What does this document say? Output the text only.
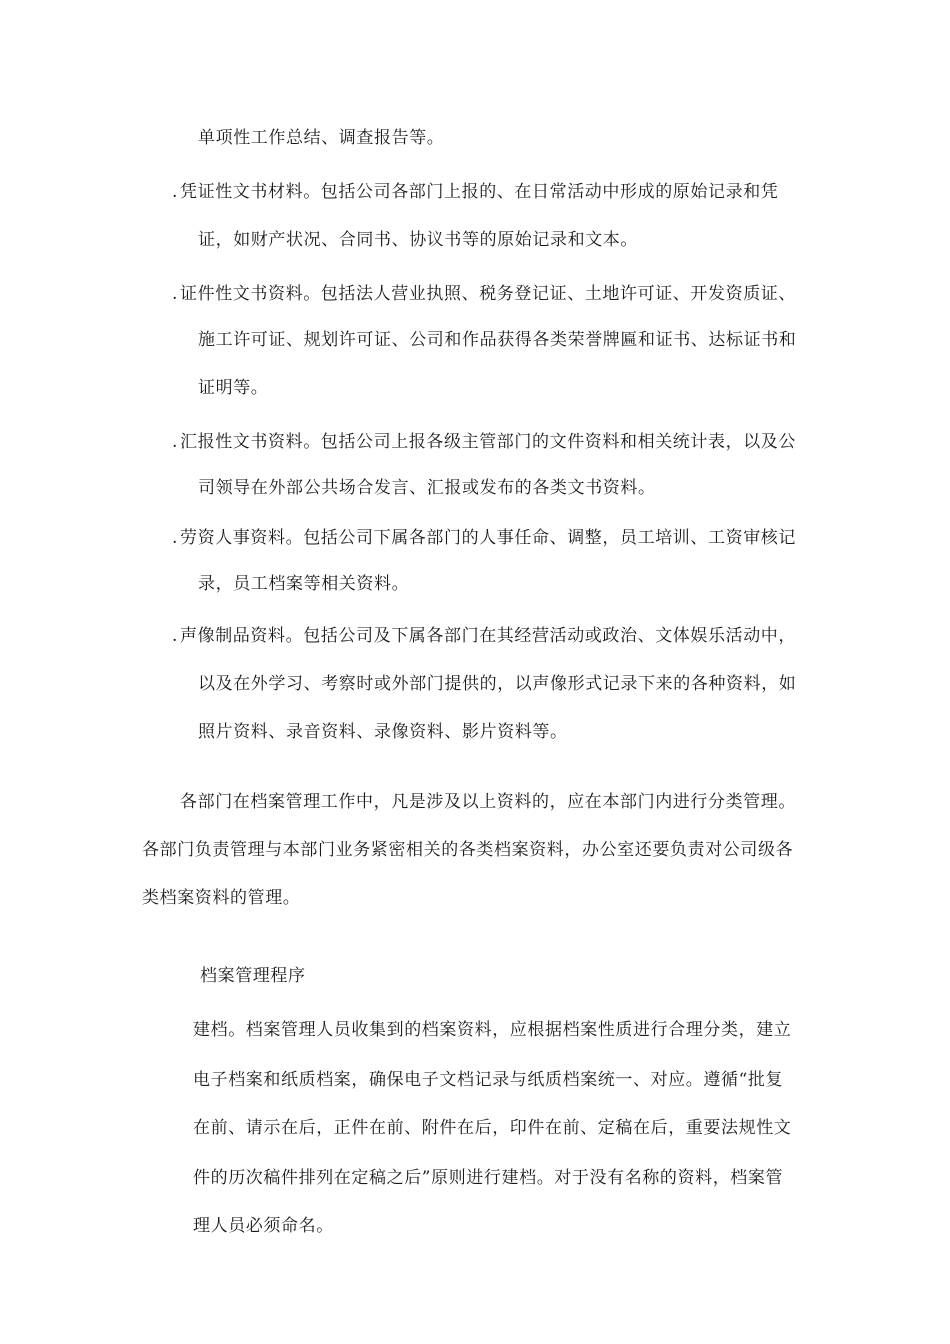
单项性工作总结、调查报告等。
. 凭证性文书材料。包括公司各部门上报的、在日常活动中形成的原始记录和凭
证，如财产状况、合同书、协议书等的原始记录和文本。
. 证件性文书资料。包括法人营业执照、税务登记证、土地许可证、开发资质证、
施工许可证、规划许可证、公司和作品获得各类荣誉牌匾和证书、达标证书和
证明等。
. 汇报性文书资料。包括公司上报各级主管部门的文件资料和相关统计表，以及公
司领导在外部公共场合发言、汇报或发布的各类文书资料。
. 劳资人事资料。包括公司下属各部门的人事任命、调整，员工培训、工资审核记
录，员工档案等相关资料。
. 声像制品资料。包括公司及下属各部门在其经营活动或政治、文体娱乐活动中，
以及在外学习、考察时或外部门提供的，以声像形式记录下来的各种资料，如
照片资料、录音资料、录像资料、影片资料等。
各部门在档案管理工作中，凡是涉及以上资料的，应在本部门内进行分类管理。
各部门负责管理与本部门业务紧密相关的各类档案资料，办公室还要负责对公司级各
类档案资料的管理。
档案管理程序
建档。档案管理人员收集到的档案资料，应根据档案性质进行合理分类，建立
电子档案和纸质档案，确保电子文档记录与纸质档案统一、对应。遵循“批复
在前、请示在后，正件在前、附件在后，印件在前、定稿在后，重要法规性文
件的历次稿件排列在定稿之后”原则进行建档。对于没有名称的资料，档案管
理人员必须命名。
